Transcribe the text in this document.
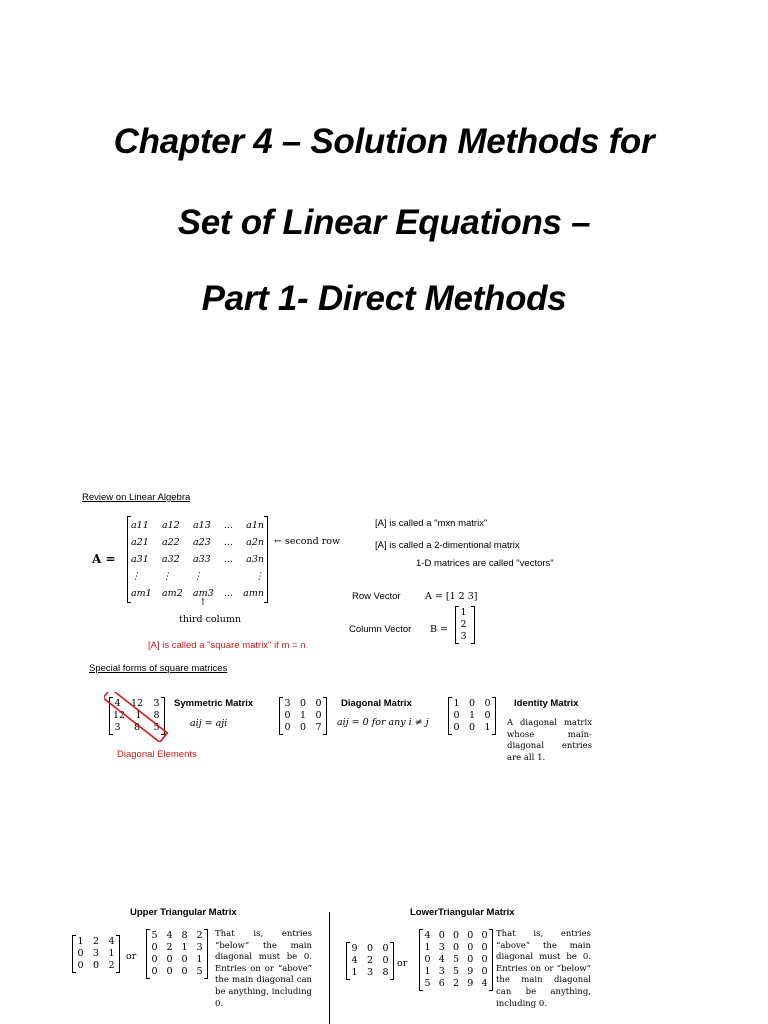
Chapter 4 – Solution Methods for
Set of Linear Equations –
Part 1- Direct Methods
Review on Linear Algebra
A =
a11 a12 a13 ... a1n
a21 a22 a23 ... a2n
a31 a32 a33 ... a3n
⋮ ⋮ ⋮	⋮
am1 am2 am3 ... amn
← second row
↑
third column
[A] is called a "square matrix" if m = n
[A] is called a "mxn matrix"
[A] is called a 2-dimentional matrix
1-D matrices are called "vectors"
Row Vector	A = [1 2 3]
Column Vector B =
1
2
3
Special forms of square matrices
4 12 3
12 1 8
3 8 5
Symmetric Matrix
aij = aji
Diagonal Elements
3 0 0
0 1 0
0 0 7
Diagonal Matrix
aij = 0 for any i ≠ j
1 0 0
0 1 0
0 0 1
Identity Matrix
A diagonal matrix whose main-diagonal entries are all 1.
Upper Triangular Matrix
1 2 4
0 3 1
0 0 2
or
5 4 8 2
0 2 1 3
0 0 0 1
0 0 0 5
That is, entries “below” the main diagonal must be 0. Entries on or “above” the main diagonal can be anything, including 0.
LowerTriangular Matrix
9 0 0
4 2 0
1 3 8
or
4 0 0 0 0
1 3 0 0 0
0 4 5 0 0
1 3 5 9 0
5 6 2 9 4
That is, entries “above” the main diagonal must be 0. Entries on or “below” the main diagonal can be anything, including 0.
